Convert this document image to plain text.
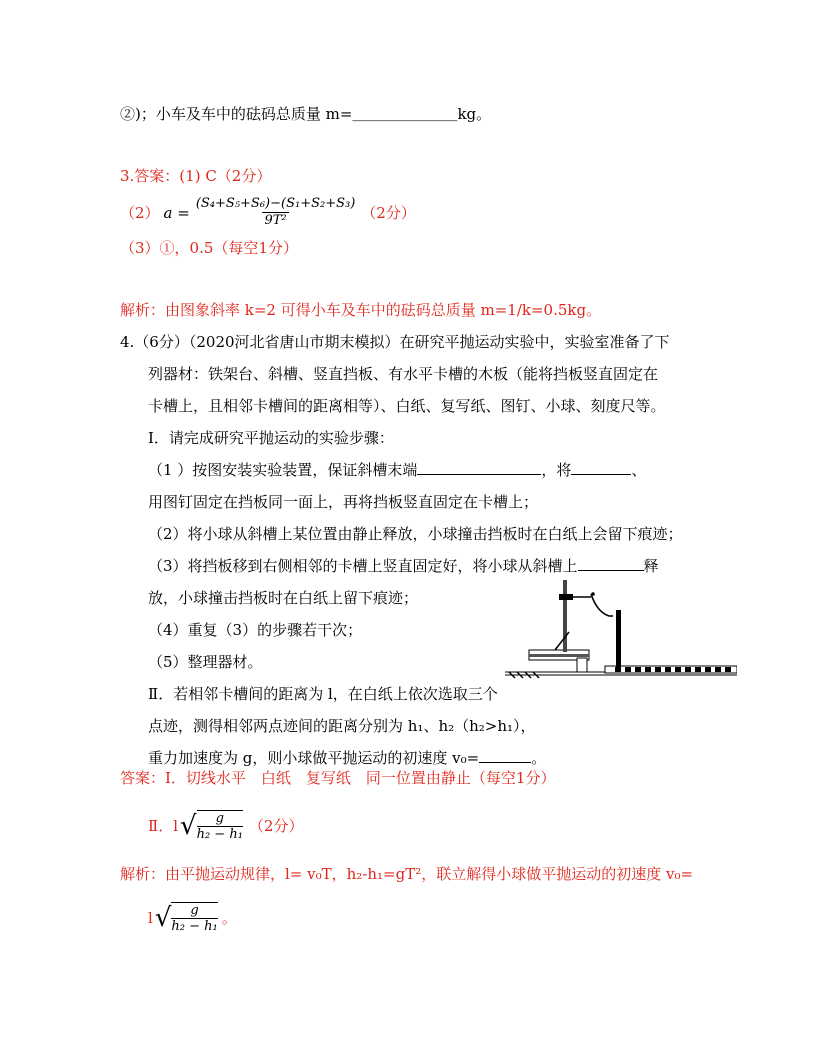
②)；小车及车中的砝码总质量 m=＿＿＿＿＿＿＿kg。
3.答案：(1) C（2分）
（2） $a = \frac{\text{(S₄+S₅+S₆)−(S₁+S₂+S₃)}}{\text{9T²}} (2$分）
（3）①，0.5（每空1分）
解析：由图象斜率 k=2 可得小车及车中的砝码总质量 m=1/k=0.5kg。
4.（6分）（2020河北省唐山市期末模拟）在研究平抛运动实验中，实验室准备了下
列器材：铁架台、斜槽、竖直挡板、有水平卡槽的木板（能将挡板竖直固定在
卡槽上，且相邻卡槽间的距离相等）、白纸、复写纸、图钉、小球、刻度尺等。
Ⅰ．请完成研究平抛运动的实验步骤：
（1 ）按图安装实验装置，保证斜槽末端	，将	、
用图钉固定在挡板同一面上，再将挡板竖直固定在卡槽上；
（2）将小球从斜槽上某位置由静止释放，小球撞击挡板时在白纸上会留下痕迹；
（3）将挡板移到右侧相邻的卡槽上竖直固定好，将小球从斜槽上	释
放，小球撞击挡板时在白纸上留下痕迹；
（4）重复（3）的步骤若干次；
（5）整理器材。
Ⅱ．若相邻卡槽间的距离为 l，在白纸上依次选取三个
点迹，测得相邻两点迹间的距离分别为 h₁、h₂（h₂>h₁），
重力加速度为 g，则小球做平抛运动的初速度 v₀=	。
答案：Ⅰ．切线水平　白纸　复写纸　同一位置由静止（每空1分）
Ⅱ．l √ g
h₂ − h₁ （2分）
解析：由平抛运动规律，l= v₀T，h₂-h₁=gT²，联立解得小球做平抛运动的初速度 v₀=
l √ g
h₂ − h₁ 。
